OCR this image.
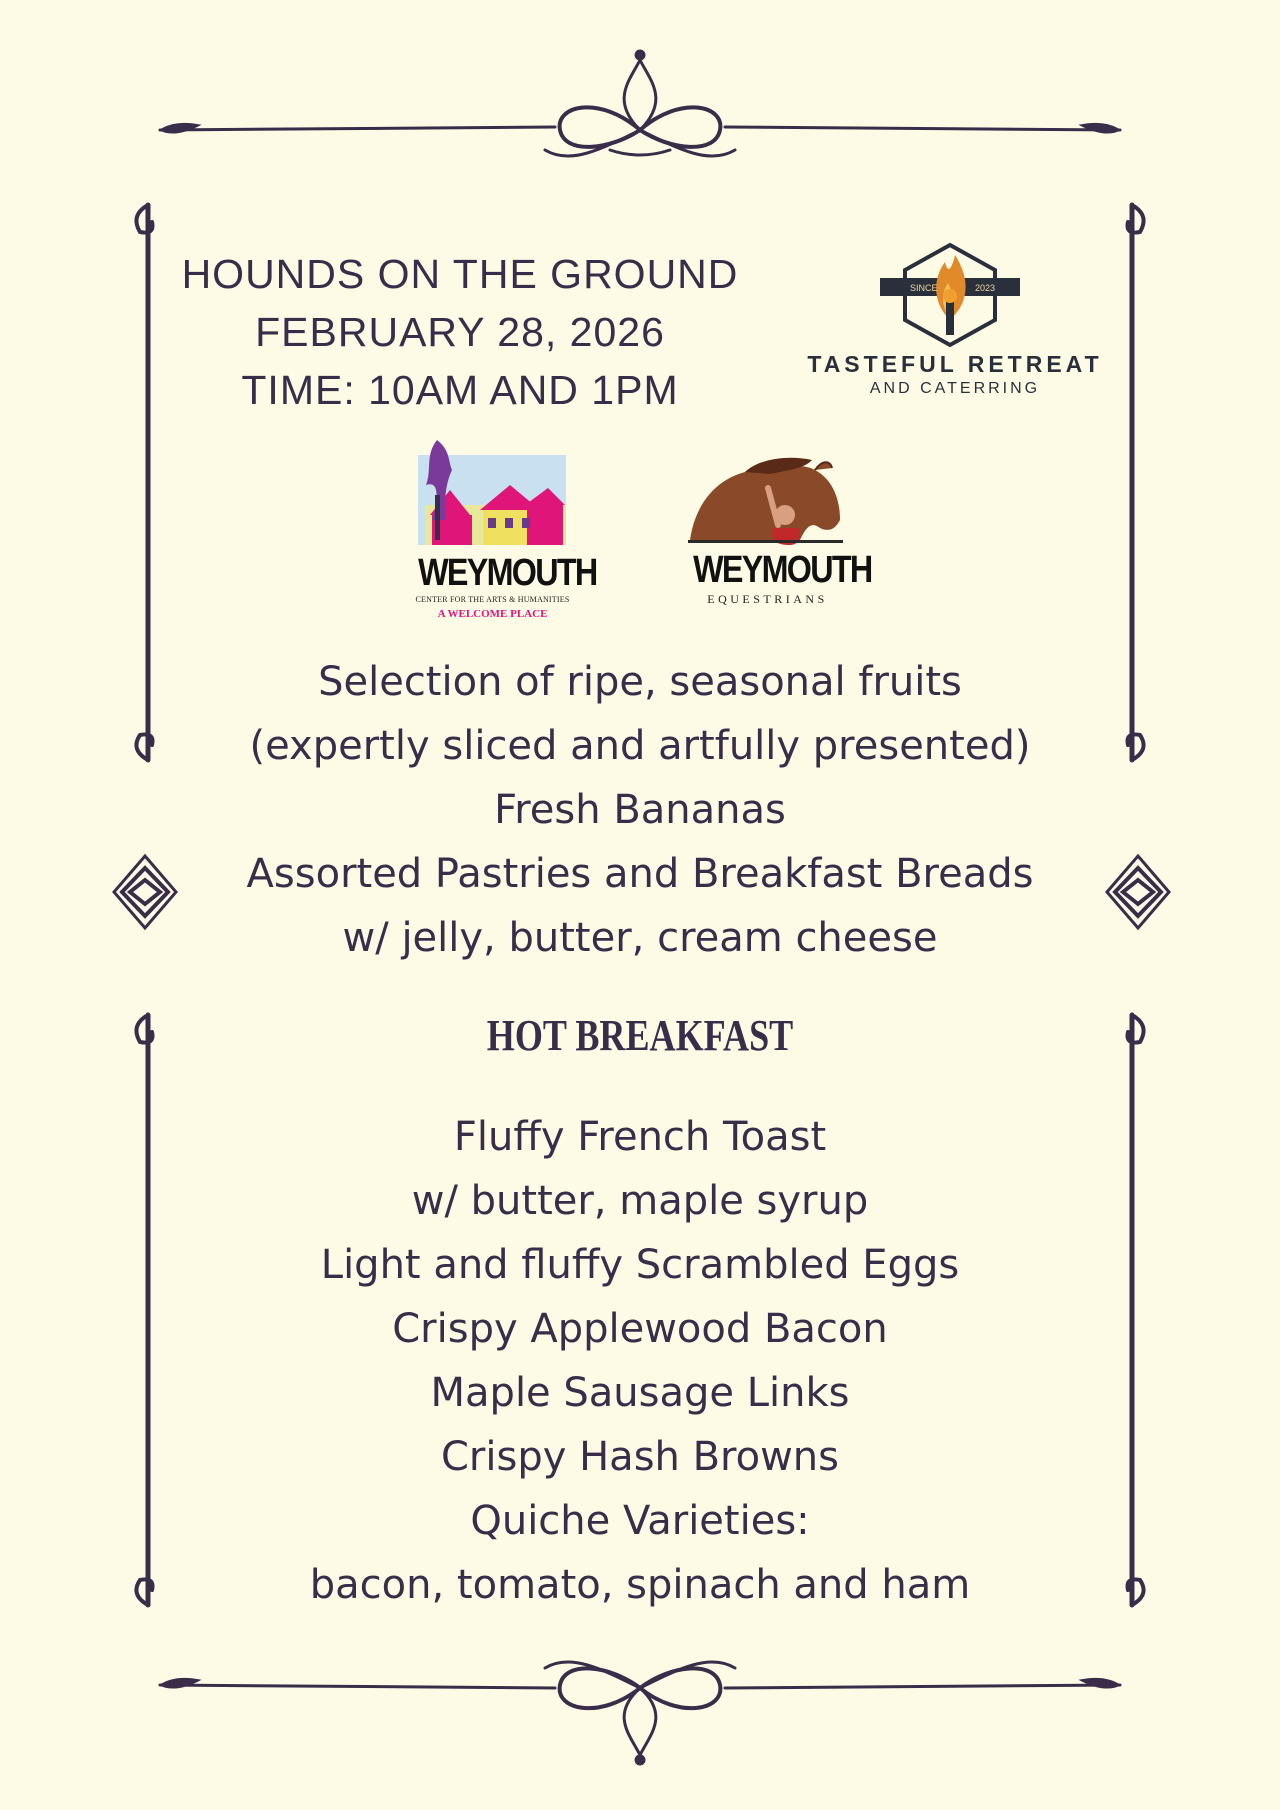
HOUNDS ON THE GROUND
FEBRUARY 28, 2026
TIME: 10AM AND 1PM
SINCE	2023
TASTEFUL RETREAT
AND CATERRING
WEYMOUTH
CENTER FOR THE ARTS & HUMANITIES
A WELCOME PLACE
WEYMOUTH
EQUESTRIANS
Selection of ripe, seasonal fruits
(expertly sliced and artfully presented)
Fresh Bananas
Assorted Pastries and Breakfast Breads
w/ jelly, butter, cream cheese
HOT BREAKFAST
Fluffy French Toast
w/ butter, maple syrup
Light and fluffy Scrambled Eggs
Crispy Applewood Bacon
Maple Sausage Links
Crispy Hash Browns
Quiche Varieties:
bacon, tomato, spinach and ham
